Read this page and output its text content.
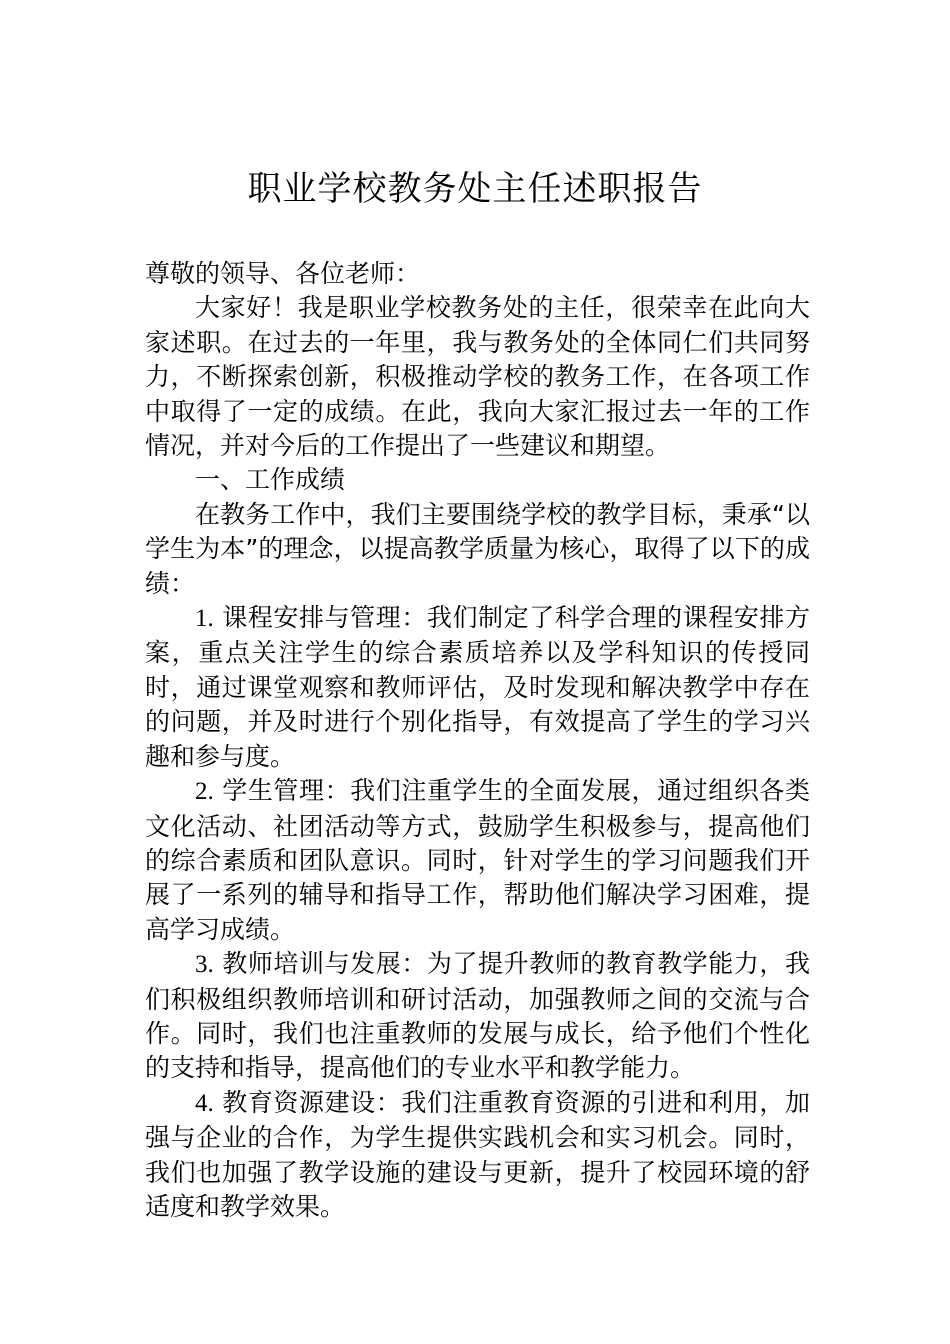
职业学校教务处主任述职报告

尊敬的领导、各位老师：

大家好！我是职业学校教务处的主任，很荣幸在此向大家述职。在过去的一年里，我与教务处的全体同仁们共同努力，不断探索创新，积极推动学校的教务工作，在各项工作中取得了一定的成绩。在此，我向大家汇报过去一年的工作情况，并对今后的工作提出了一些建议和期望。

一、工作成绩

在教务工作中，我们主要围绕学校的教学目标，秉承“以学生为本”的理念，以提高教学质量为核心，取得了以下的成绩：

1. 课程安排与管理：我们制定了科学合理的课程安排方案，重点关注学生的综合素质培养以及学科知识的传授同时，通过课堂观察和教师评估，及时发现和解决教学中存在的问题，并及时进行个别化指导，有效提高了学生的学习兴趣和参与度。

2. 学生管理：我们注重学生的全面发展，通过组织各类文化活动、社团活动等方式，鼓励学生积极参与，提高他们的综合素质和团队意识。同时，针对学生的学习问题我们开展了一系列的辅导和指导工作，帮助他们解决学习困难，提高学习成绩。

3. 教师培训与发展：为了提升教师的教育教学能力，我们积极组织教师培训和研讨活动，加强教师之间的交流与合作。同时，我们也注重教师的发展与成长，给予他们个性化的支持和指导，提高他们的专业水平和教学能力。

4. 教育资源建设：我们注重教育资源的引进和利用，加强与企业的合作，为学生提供实践机会和实习机会。同时，我们也加强了教学设施的建设与更新，提升了校园环境的舒适度和教学效果。
